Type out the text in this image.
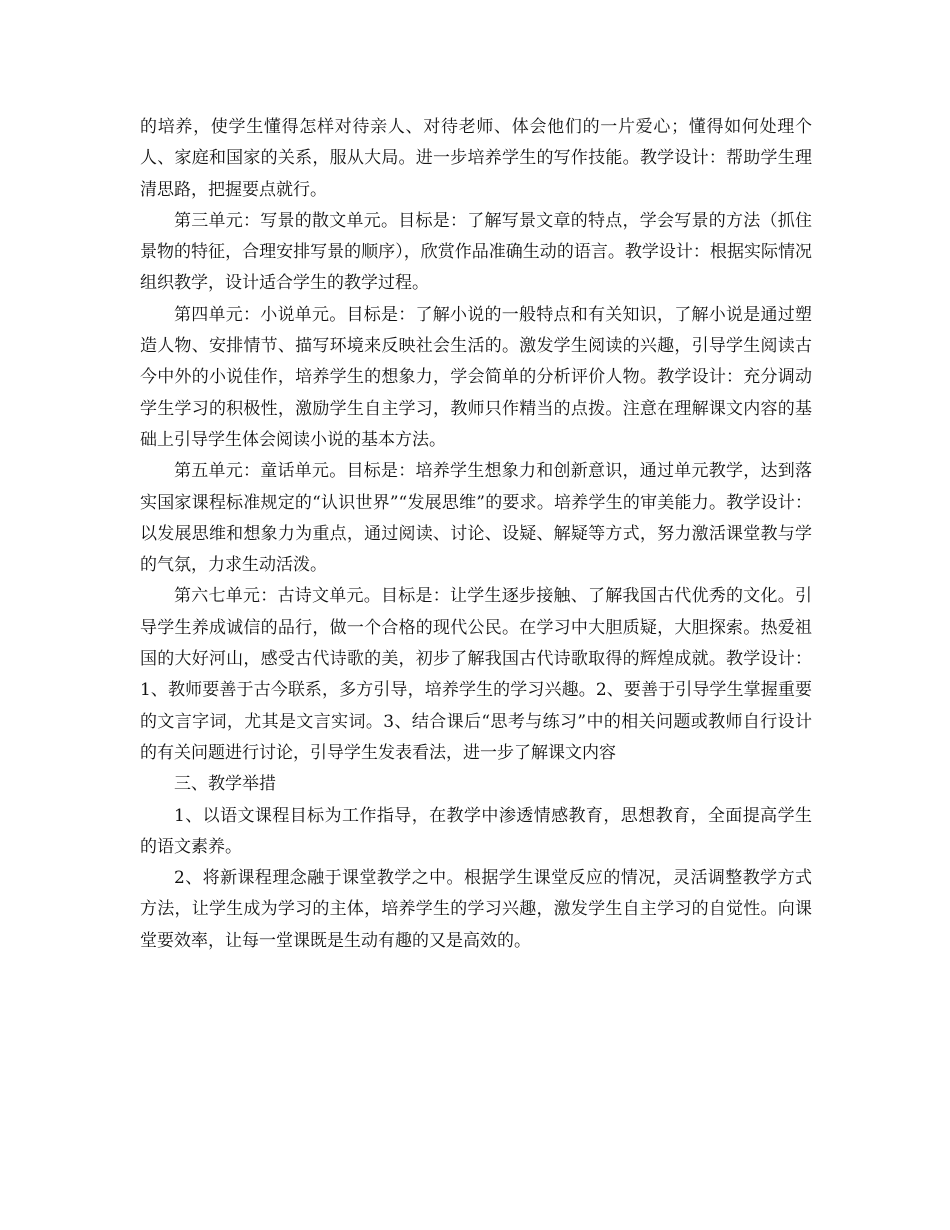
的培养，使学生懂得怎样对待亲人、对待老师、体会他们的一片爱心；懂得如何处理个人、家庭和国家的关系，服从大局。进一步培养学生的写作技能。教学设计：帮助学生理清思路，把握要点就行。

第三单元：写景的散文单元。目标是：了解写景文章的特点，学会写景的方法（抓住景物的特征，合理安排写景的顺序），欣赏作品准确生动的语言。教学设计：根据实际情况组织教学，设计适合学生的教学过程。

第四单元：小说单元。目标是：了解小说的一般特点和有关知识，了解小说是通过塑造人物、安排情节、描写环境来反映社会生活的。激发学生阅读的兴趣，引导学生阅读古今中外的小说佳作，培养学生的想象力，学会简单的分析评价人物。教学设计：充分调动学生学习的积极性，激励学生自主学习，教师只作精当的点拨。注意在理解课文内容的基础上引导学生体会阅读小说的基本方法。

第五单元：童话单元。目标是：培养学生想象力和创新意识，通过单元教学，达到落实国家课程标准规定的“认识世界”“发展思维”的要求。培养学生的审美能力。教学设计：以发展思维和想象力为重点，通过阅读、讨论、设疑、解疑等方式，努力激活课堂教与学的气氛，力求生动活泼。

第六七单元：古诗文单元。目标是：让学生逐步接触、了解我国古代优秀的文化。引导学生养成诚信的品行，做一个合格的现代公民。在学习中大胆质疑，大胆探索。热爱祖国的大好河山，感受古代诗歌的美，初步了解我国古代诗歌取得的辉煌成就。教学设计：1、教师要善于古今联系，多方引导，培养学生的学习兴趣。2、要善于引导学生掌握重要的文言字词，尤其是文言实词。3、结合课后“思考与练习”中的相关问题或教师自行设计的有关问题进行讨论，引导学生发表看法，进一步了解课文内容

三、教学举措

1、以语文课程目标为工作指导，在教学中渗透情感教育，思想教育，全面提高学生的语文素养。

2、将新课程理念融于课堂教学之中。根据学生课堂反应的情况，灵活调整教学方式方法，让学生成为学习的主体，培养学生的学习兴趣，激发学生自主学习的自觉性。向课堂要效率，让每一堂课既是生动有趣的又是高效的。
